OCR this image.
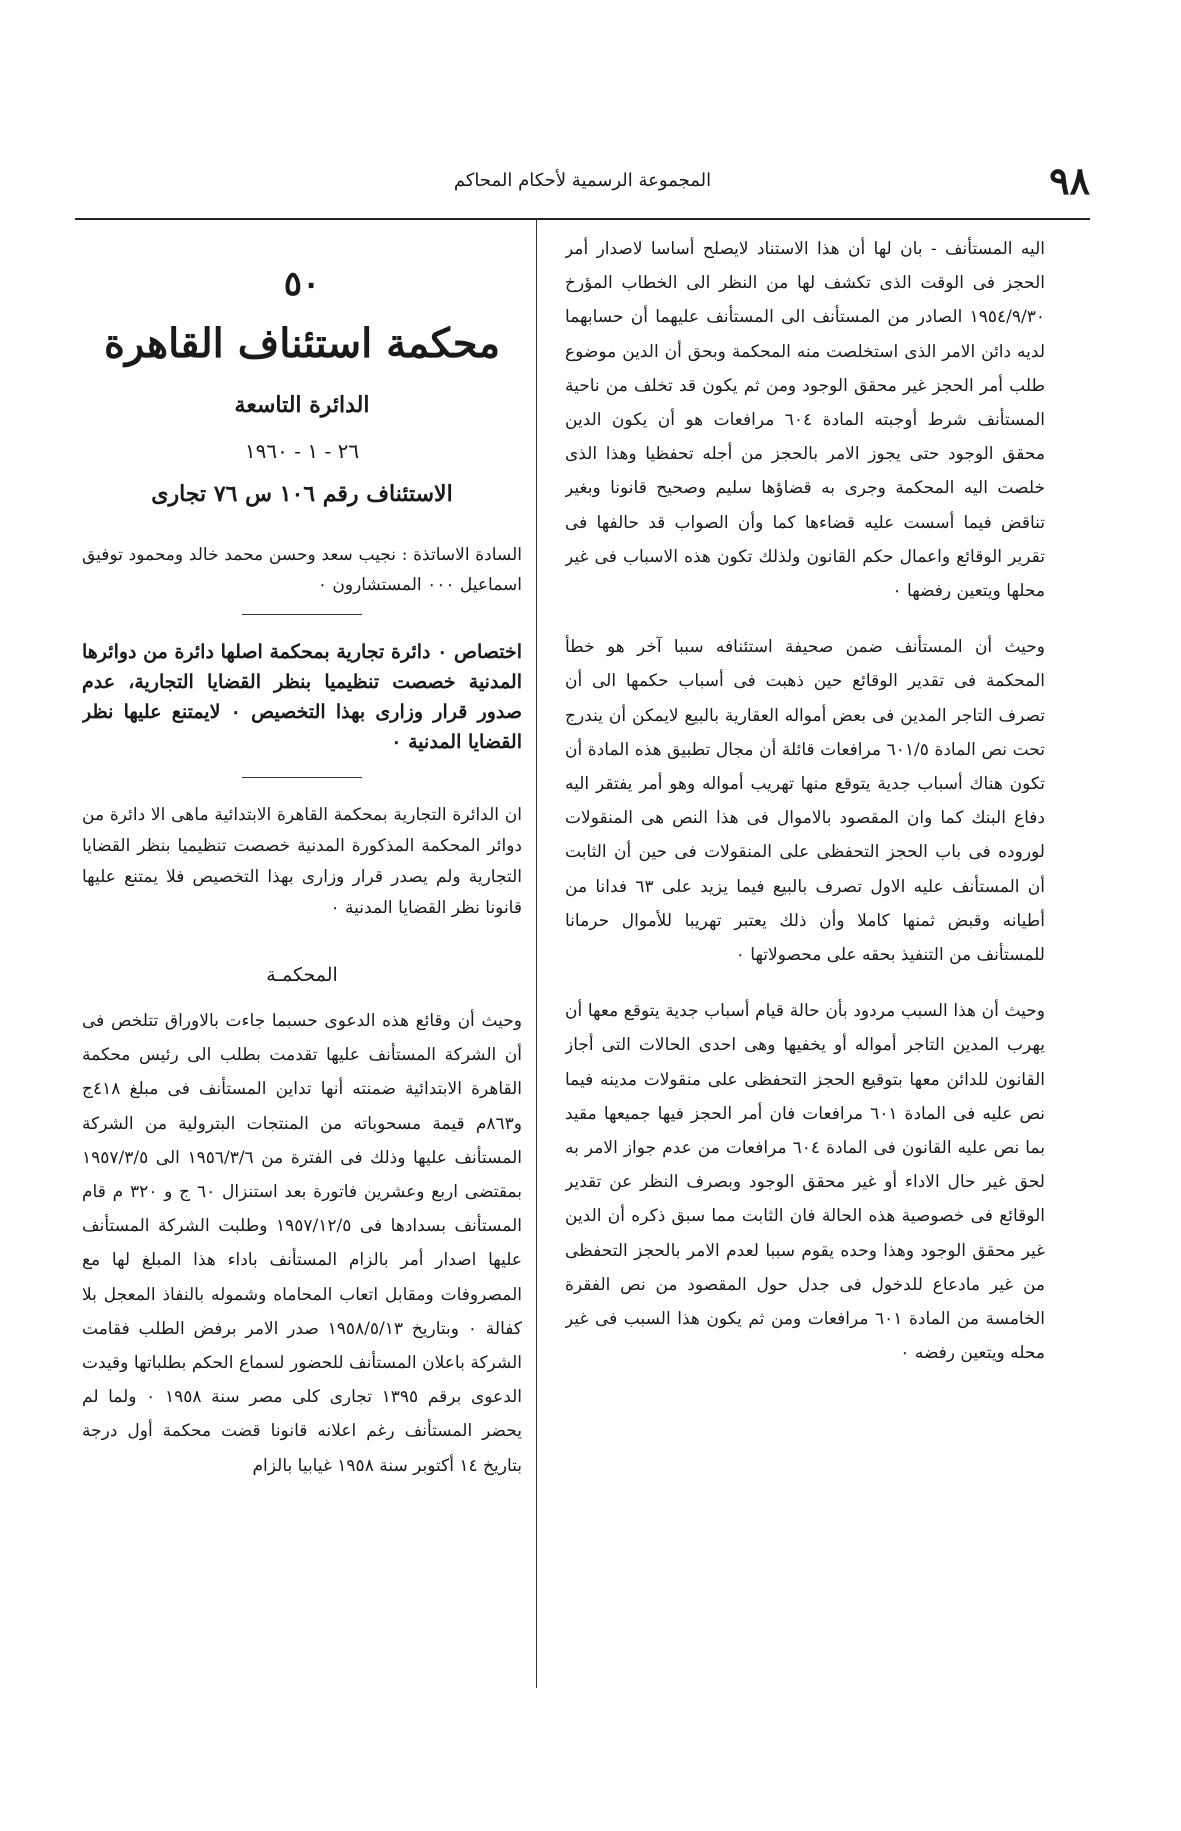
٩٨
المجموعة الرسمية لأحكام المحاكم

اليه المستأنف - بان لها أن هذا الاستناد لايصلح أساسا لاصدار أمر الحجز فى الوقت الذى تكشف لها من النظر الى الخطاب المؤرخ ١٩٥٤/٩/٣٠ الصادر من المستأنف الى المستأنف عليهما أن حسابهما لديه دائن الامر الذى استخلصت منه المحكمة وبحق أن الدين موضوع طلب أمر الحجز غير محقق الوجود ومن ثم يكون قد تخلف من ناحية المستأنف شرط أوجبته المادة ٦٠٤ مرافعات هو أن يكون الدين محقق الوجود حتى يجوز الامر بالحجز من أجله تحفظيا وهذا الذى خلصت اليه المحكمة وجرى به قضاؤها سليم وصحيح قانونا وبغير تناقض فيما أسست عليه قضاءها كما وأن الصواب قد حالفها فى تقرير الوقائع واعمال حكم القانون ولذلك تكون هذه الاسباب فى غير محلها ويتعين رفضها ٠

وحيث أن المستأنف ضمن صحيفة استئنافه سببا آخر هو خطأ المحكمة فى تقدير الوقائع حين ذهبت فى أسباب حكمها الى أن تصرف التاجر المدين فى بعض أمواله العقارية بالبيع لايمكن أن يندرج تحت نص المادة ٦٠١/٥ مرافعات قائلة أن مجال تطبيق هذه المادة أن تكون هناك أسباب جدية يتوقع منها تهريب أمواله وهو أمر يفتقر اليه دفاع البنك كما وان المقصود بالاموال فى هذا النص هى المنقولات لوروده فى باب الحجز التحفظى على المنقولات فى حين أن الثابت أن المستأنف عليه الاول تصرف بالبيع فيما يزيد على ٦٣ فدانا من أطيانه وقبض ثمنها كاملا وأن ذلك يعتبر تهريبا للأموال حرمانا للمستأنف من التنفيذ بحقه على محصولاتها ٠

وحيث أن هذا السبب مردود بأن حالة قيام أسباب جدية يتوقع معها أن يهرب المدين التاجر أمواله أو يخفيها وهى احدى الحالات التى أجاز القانون للدائن معها بتوقيع الحجز التحفظى على منقولات مدينه فيما نص عليه فى المادة ٦٠١ مرافعات فان أمر الحجز فيها جميعها مقيد بما نص عليه القانون فى المادة ٦٠٤ مرافعات من عدم جواز الامر به لحق غير حال الاداء أو غير محقق الوجود وبصرف النظر عن تقدير الوقائع فى خصوصية هذه الحالة فان الثابت مما سبق ذكره أن الدين غير محقق الوجود وهذا وحده يقوم سببا لعدم الامر بالحجز التحفظى من غير مادعاع للدخول فى جدل حول المقصود من نص الفقرة الخامسة من المادة ٦٠١ مرافعات ومن ثم يكون هذا السبب فى غير محله ويتعين رفضه ٠

٥٠
محكمة استئناف القاهرة
الدائرة التاسعة
٢٦ - ١ - ١٩٦٠
الاستئناف رقم ١٠٦ س ٧٦ تجارى

السادة الاساتذة : نجيب سعد وحسن محمد خالد ومحمود توفيق اسماعيل ٠٠٠ المستشارون ٠

اختصاص ٠ دائرة تجارية بمحكمة اصلها دائرة من دوائرها المدنية خصصت تنظيميا بنظر القضايا التجارية، عدم صدور قرار وزارى بهذا التخصيص ٠ لايمتنع عليها نظر القضايا المدنية ٠

ان الدائرة التجارية بمحكمة القاهرة الابتدائية ماهى الا دائرة من دوائر المحكمة المذكورة المدنية خصصت تنظيميا بنظر القضايا التجارية ولم يصدر قرار وزارى بهذا التخصيص فلا يمتنع عليها قانونا نظر القضايا المدنية ٠

المحكمـة

وحيث أن وقائع هذه الدعوى حسبما جاءت بالاوراق تتلخص فى أن الشركة المستأنف عليها تقدمت بطلب الى رئيس محكمة القاهرة الابتدائية ضمنته أنها تداين المستأنف فى مبلغ ٤١٨ج و٨٦٣م قيمة مسحوباته من المنتجات البترولية من الشركة المستأنف عليها وذلك فى الفترة من ١٩٥٦/٣/٦ الى ١٩٥٧/٣/٥ بمقتضى اربع وعشرين فاتورة بعد استنزال ٦٠ ج و ٣٢٠ م قام المستأنف بسدادها فى ١٩٥٧/١٢/٥ وطلبت الشركة المستأنف عليها اصدار أمر بالزام المستأنف باداء هذا المبلغ لها مع المصروفات ومقابل اتعاب المحاماه وشموله بالنفاذ المعجل بلا كفالة ٠ وبتاريخ ١٩٥٨/٥/١٣ صدر الامر برفض الطلب فقامت الشركة باعلان المستأنف للحضور لسماع الحكم بطلباتها وقيدت الدعوى برقم ١٣٩٥ تجارى كلى مصر سنة ١٩٥٨ ٠ ولما لم يحضر المستأنف رغم اعلانه قانونا قضت محكمة أول درجة بتاريخ ١٤ أكتوبر سنة ١٩٥٨ غيابيا بالزام
